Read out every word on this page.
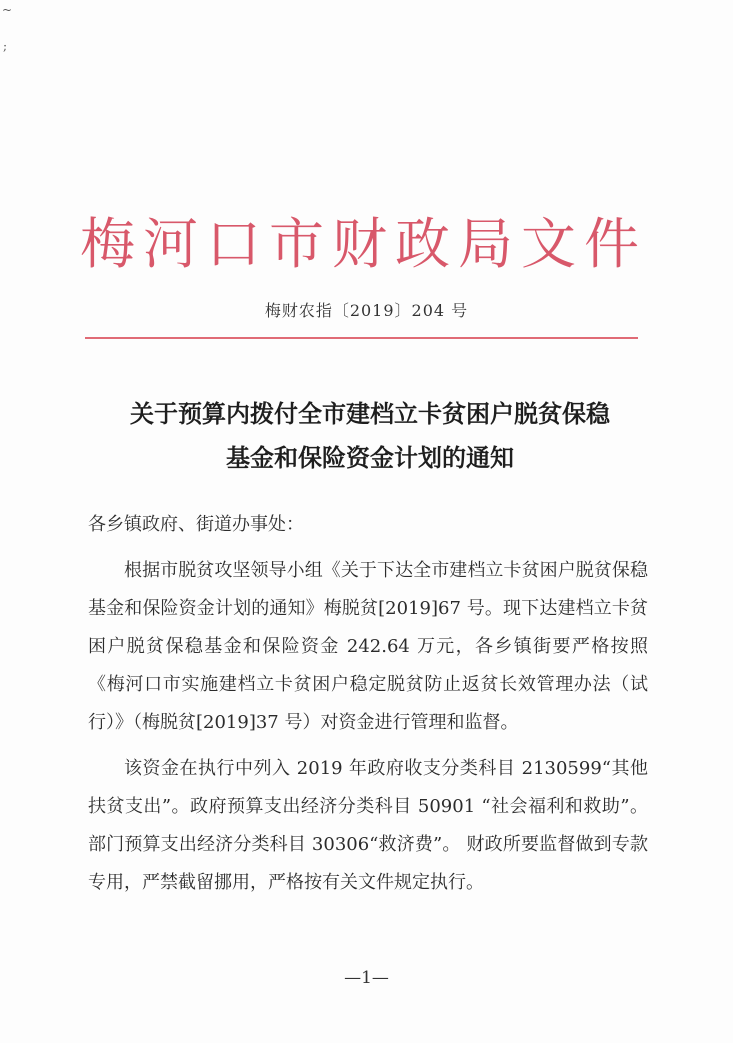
~
;
梅河口市财政局文件
梅财农指〔2019〕204 号
关于预算内拨付全市建档立卡贫困户脱贫保稳
基金和保险资金计划的通知

各乡镇政府、街道办事处：

根据市脱贫攻坚领导小组《关于下达全市建档立卡贫困户脱贫保稳基金和保险资金计划的通知》梅脱贫[2019]67 号。现下达建档立卡贫困户脱贫保稳基金和保险资金 242.64 万元，各乡镇街要严格按照《梅河口市实施建档立卡贫困户稳定脱贫防止返贫长效管理办法（试行）》（梅脱贫[2019]37 号）对资金进行管理和监督。

该资金在执行中列入 2019 年政府收支分类科目 2130599“其他扶贫支出”。政府预算支出经济分类科目 50901 “社会福利和救助”。部门预算支出经济分类科目 30306“救济费”。 财政所要监督做到专款专用，严禁截留挪用，严格按有关文件规定执行。

—1—
